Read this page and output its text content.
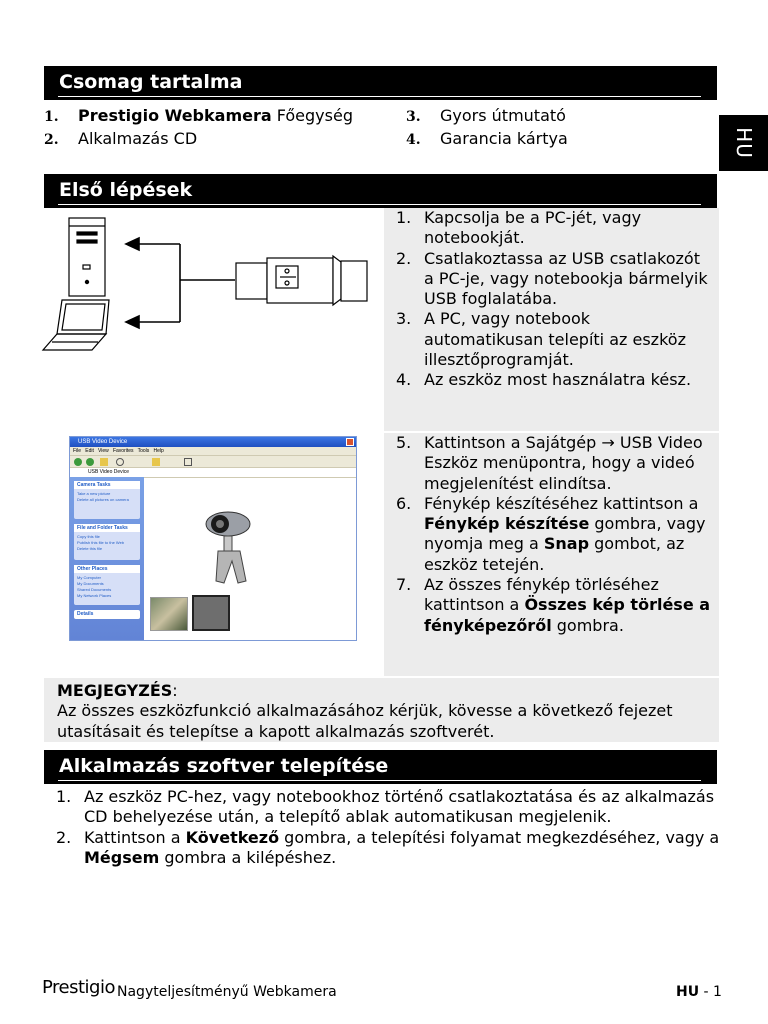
Csomag tartalma
HU
1. Prestigio Webkamera Főegység
2. Alkalmazás CD
3. Gyors útmutató
4. Garancia kártya
Első lépések
1. Kapcsolja be a PC-jét, vagy notebookját.
2. Csatlakoztassa az USB csatlakozót a PC-je, vagy notebookja bármelyik USB foglalatába.
3. A PC, vagy notebook automatikusan telepíti az eszköz illesztőprogramját.
4. Az eszköz most használatra kész.
5. Kattintson a Sajátgép → USB Video Eszköz menüpontra, hogy a videó megjelenítést elindítsa.
6. Fénykép készítéséhez kattintson a Fénykép készítése gombra, vagy nyomja meg a Snap gombot, az eszköz tetején.
7. Az összes fénykép törléséhez kattintson a Összes kép törlése a fényképezőről gombra.
USB Video Device
File Edit View Favorites Tools Help
USB Video Device
Camera Tasks
Take a new picture
Delete all pictures on camera
File and Folder Tasks
Copy this file
Publish this file to the Web
Delete this file
Other Places
My Computer
My Documents
Shared Documents
My Network Places
Details
MEGJEGYZÉS:
Az összes eszközfunkció alkalmazásához kérjük, kövesse a következő fejezet utasításait és telepítse a kapott alkalmazás szoftverét.
Alkalmazás szoftver telepítése
1. Az eszköz PC-hez, vagy notebookhoz történő csatlakoztatása és az alkalmazás CD behelyezése után, a telepítő ablak automatikusan megjelenik.
2. Kattintson a Következő gombra, a telepítési folyamat megkezdéséhez, vagy a Mégsem gombra a kilépéshez.
Prestigio Nagyteljesítményű Webkamera	HU - 1
